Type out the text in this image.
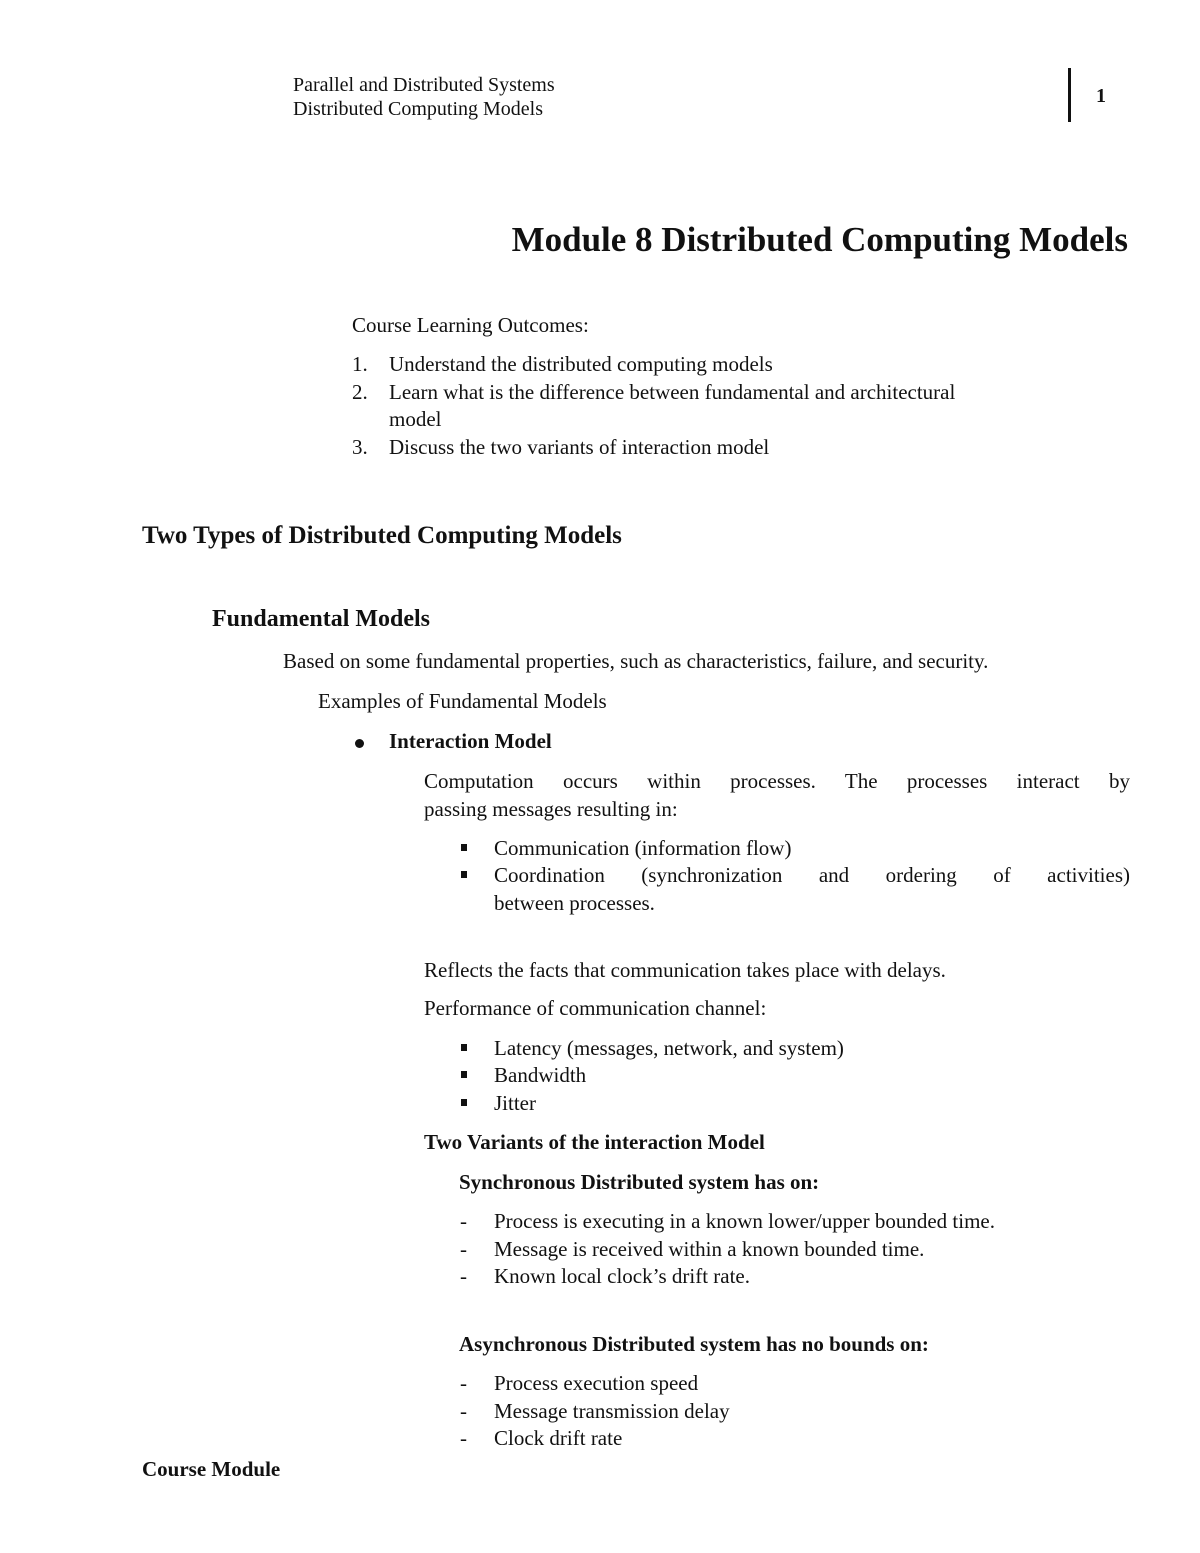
Parallel and Distributed Systems
Distributed Computing Models
1
Module 8 Distributed Computing Models
Course Learning Outcomes:
1. Understand the distributed computing models
2. Learn what is the difference between fundamental and architectural
model
3. Discuss the two variants of interaction model
Two Types of Distributed Computing Models
Fundamental Models
Based on some fundamental properties, such as characteristics, failure, and security.
Examples of Fundamental Models
Interaction Model
Computation occurs within processes. The processes interact by
passing messages resulting in:
Communication (information flow)
Coordination (synchronization and ordering of activities)
between processes.
Reflects the facts that communication takes place with delays.
Performance of communication channel:
Latency (messages, network, and system)
Bandwidth
Jitter
Two Variants of the interaction Model
Synchronous Distributed system has on:
- Process is executing in a known lower/upper bounded time.
- Message is received within a known bounded time.
- Known local clock’s drift rate.
Asynchronous Distributed system has no bounds on:
- Process execution speed
- Message transmission delay
- Clock drift rate
Course Module
